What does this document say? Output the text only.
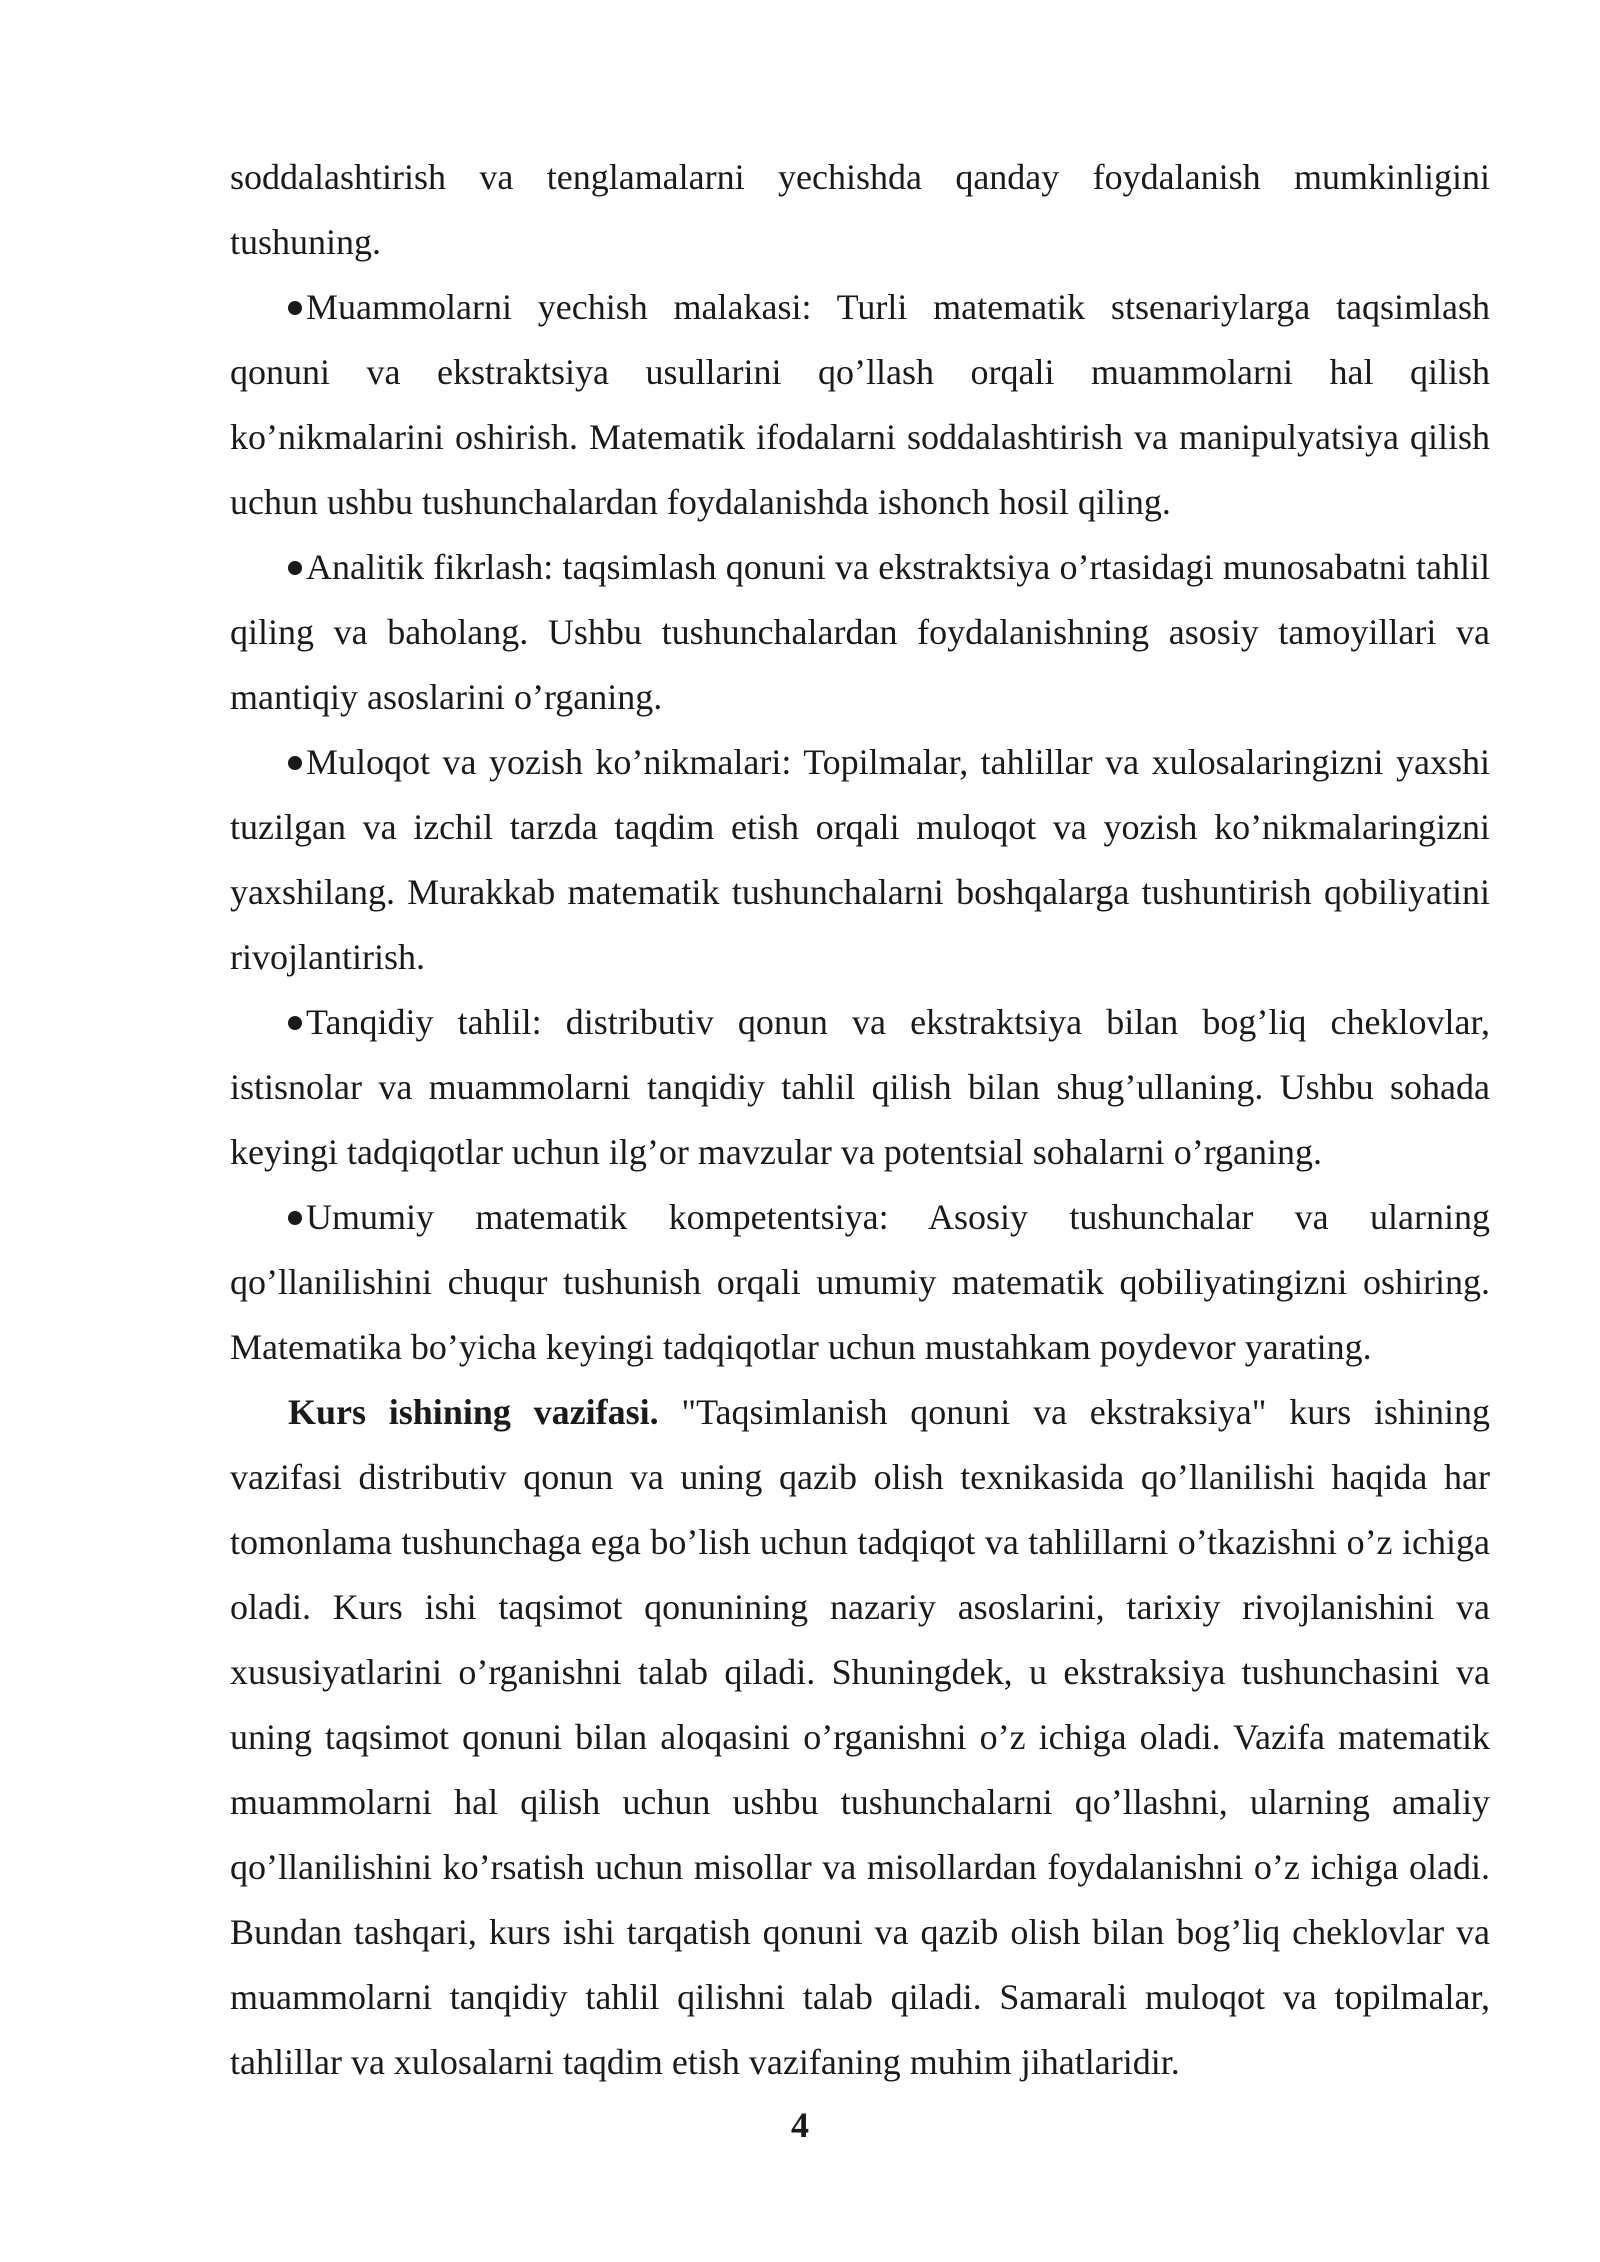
soddalashtirish va tenglamalarni yechishda qanday foydalanish mumkinligini tushuning.

Muammolarni yechish malakasi: Turli matematik stsenariylarga taqsimlash qonuni va ekstraktsiya usullarini qo’llash orqali muammolarni hal qilish ko’nikmalarini oshirish. Matematik ifodalarni soddalashtirish va manipulyatsiya qilish uchun ushbu tushunchalardan foydalanishda ishonch hosil qiling.

Analitik fikrlash: taqsimlash qonuni va ekstraktsiya o’rtasidagi munosabatni tahlil qiling va baholang. Ushbu tushunchalardan foydalanishning asosiy tamoyillari va mantiqiy asoslarini o’rganing.

Muloqot va yozish ko’nikmalari: Topilmalar, tahlillar va xulosalaringizni yaxshi tuzilgan va izchil tarzda taqdim etish orqali muloqot va yozish ko’nikmalaringizni yaxshilang. Murakkab matematik tushunchalarni boshqalarga tushuntirish qobiliyatini rivojlantirish.

Tanqidiy tahlil: distributiv qonun va ekstraktsiya bilan bog’liq cheklovlar, istisnolar va muammolarni tanqidiy tahlil qilish bilan shug’ullaning. Ushbu sohada keyingi tadqiqotlar uchun ilg’or mavzular va potentsial sohalarni o’rganing.

Umumiy matematik kompetentsiya: Asosiy tushunchalar va ularning qo’llanilishini chuqur tushunish orqali umumiy matematik qobiliyatingizni oshiring. Matematika bo’yicha keyingi tadqiqotlar uchun mustahkam poydevor yarating.

Kurs ishining vazifasi. "Taqsimlanish qonuni va ekstraksiya" kurs ishining vazifasi distributiv qonun va uning qazib olish texnikasida qo’llanilishi haqida har tomonlama tushunchaga ega bo’lish uchun tadqiqot va tahlillarni o’tkazishni o’z ichiga oladi. Kurs ishi taqsimot qonunining nazariy asoslarini, tarixiy rivojlanishini va xususiyatlarini o’rganishni talab qiladi. Shuningdek, u ekstraksiya tushunchasini va uning taqsimot qonuni bilan aloqasini o’rganishni o’z ichiga oladi. Vazifa matematik muammolarni hal qilish uchun ushbu tushunchalarni qo’llashni, ularning amaliy qo’llanilishini ko’rsatish uchun misollar va misollardan foydalanishni o’z ichiga oladi. Bundan tashqari, kurs ishi tarqatish qonuni va qazib olish bilan bog’liq cheklovlar va muammolarni tanqidiy tahlil qilishni talab qiladi. Samarali muloqot va topilmalar, tahlillar va xulosalarni taqdim etish vazifaning muhim jihatlaridir.

4
